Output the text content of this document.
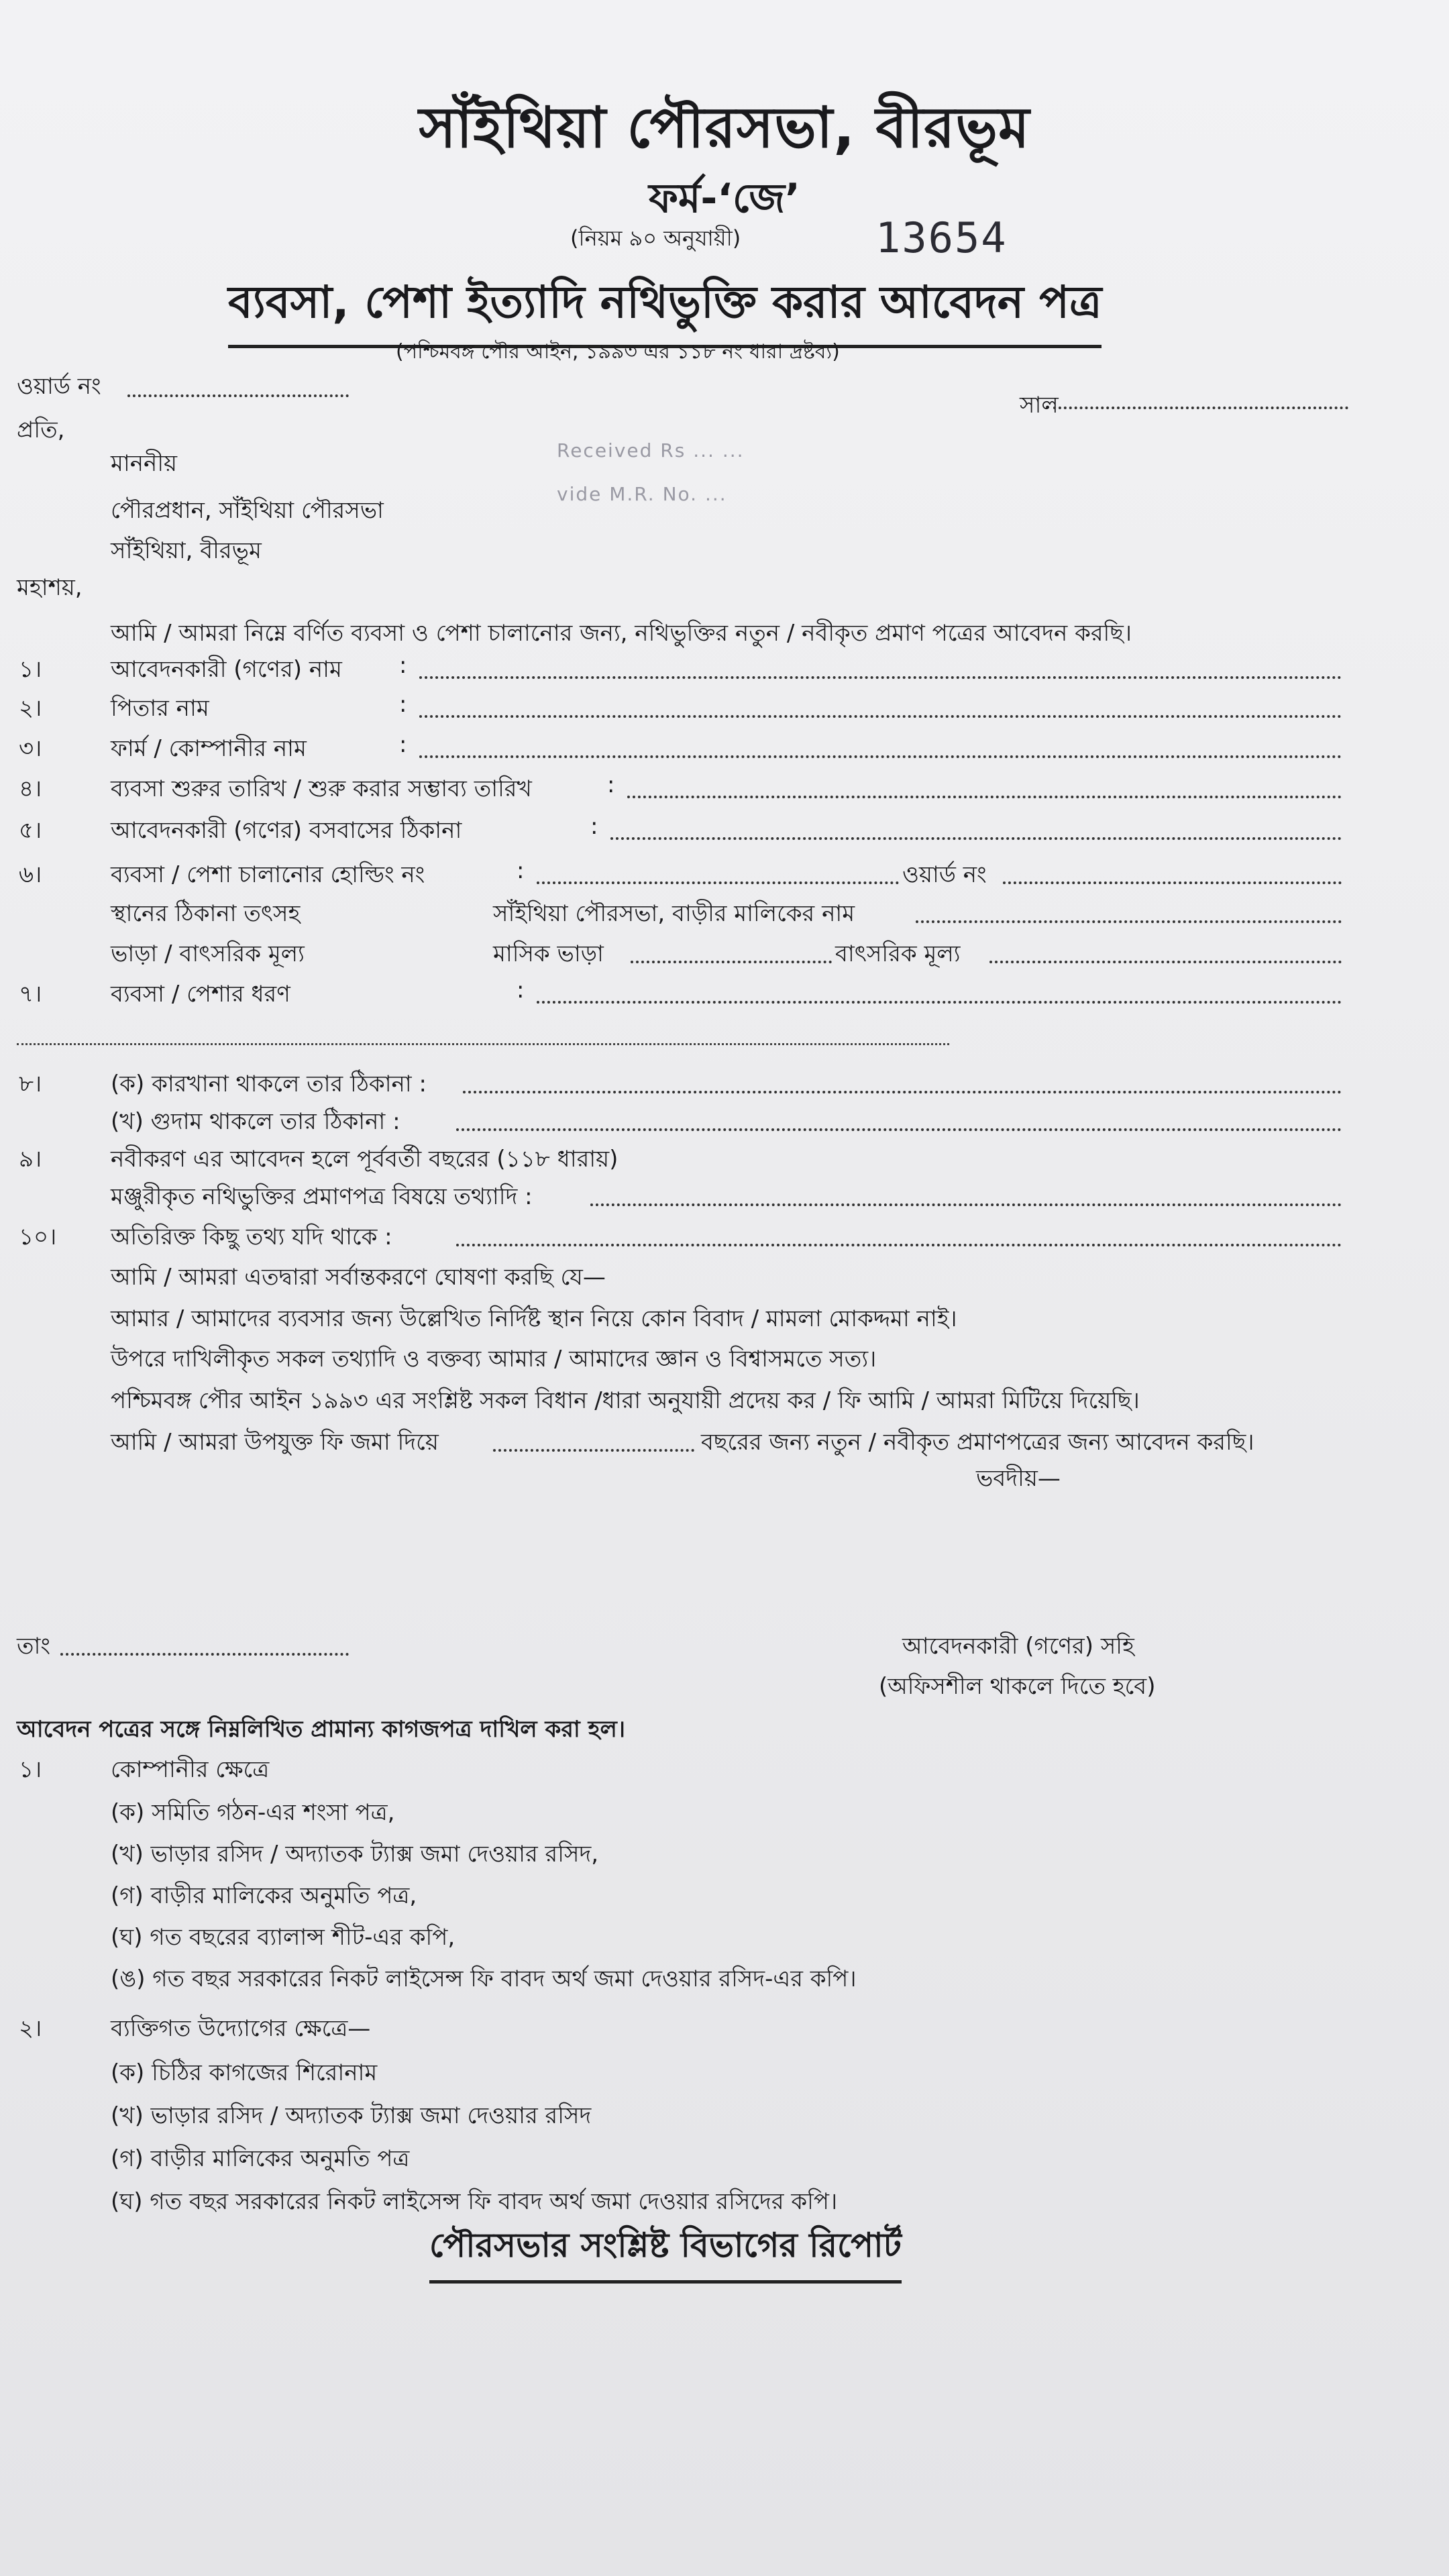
সাঁইথিয়া পৌরসভা, বীরভূম
ফর্ম-‘জে’
(নিয়ম ৯০ অনুযায়ী)	13654
ব্যবসা, পেশা ইত্যাদি নথিভুক্তি করার আবেদন পত্র
(পশ্চিমবঙ্গ পৌর আইন, ১৯৯৩ এর ১১৮ নং ধারা দ্রষ্টব্য)
ওয়ার্ড নং
সাল
প্রতি,
মাননীয়
পৌরপ্রধান, সাঁইথিয়া পৌরসভা
সাঁইথিয়া, বীরভূম
Received Rs ... ...
vide M.R. No. ...
মহাশয়,
আমি / আমরা নিম্নে বর্ণিত ব্যবসা ও পেশা চালানোর জন্য, নথিভুক্তির নতুন / নবীকৃত প্রমাণ পত্রের আবেদন করছি।
১।	আবেদনকারী (গণের) নাম	:
২।	পিতার নাম	:
৩।	ফার্ম / কোম্পানীর নাম	:
৪।	ব্যবসা শুরুর তারিখ / শুরু করার সম্ভাব্য তারিখ	:
৫।	আবেদনকারী (গণের) বসবাসের ঠিকানা	:
৬।	ব্যবসা / পেশা চালানোর হোল্ডিং নং	:	ওয়ার্ড নং
স্থানের ঠিকানা তৎসহ	সাঁইথিয়া পৌরসভা, বাড়ীর মালিকের নাম
ভাড়া / বাৎসরিক মূল্য	মাসিক ভাড়া	বাৎসরিক মূল্য
৭।	ব্যবসা / পেশার ধরণ	:
৮।	(ক) কারখানা থাকলে তার ঠিকানা :
(খ) গুদাম থাকলে তার ঠিকানা :
৯।	নবীকরণ এর আবেদন হলে পূর্ববর্তী বছরের (১১৮ ধারায়)
মঞ্জুরীকৃত নথিভুক্তির প্রমাণপত্র বিষয়ে তথ্যাদি :
১০। অতিরিক্ত কিছু তথ্য যদি থাকে :
আমি / আমরা এতদ্বারা সর্বান্তকরণে ঘোষণা করছি যে—
আমার / আমাদের ব্যবসার জন্য উল্লেখিত নির্দিষ্ট স্থান নিয়ে কোন বিবাদ / মামলা মোকদ্দমা নাই।
উপরে দাখিলীকৃত সকল তথ্যাদি ও বক্তব্য আমার / আমাদের জ্ঞান ও বিশ্বাসমতে সত্য।
পশ্চিমবঙ্গ পৌর আইন ১৯৯৩ এর সংশ্লিষ্ট সকল বিধান /ধারা অনুযায়ী প্রদেয় কর / ফি আমি / আমরা মিটিয়ে দিয়েছি।
আমি / আমরা উপযুক্ত ফি জমা দিয়ে	বছরের জন্য নতুন / নবীকৃত প্রমাণপত্রের জন্য আবেদন করছি।
ভবদীয়—
তাং	আবেদনকারী (গণের) সহি
(অফিসশীল থাকলে দিতে হবে)
আবেদন পত্রের সঙ্গে নিম্নলিখিত প্রামান্য কাগজপত্র দাখিল করা হল।
১।	কোম্পানীর ক্ষেত্রে
(ক) সমিতি গঠন-এর শংসা পত্র,
(খ) ভাড়ার রসিদ / অদ্যাতক ট্যাক্স জমা দেওয়ার রসিদ,
(গ) বাড়ীর মালিকের অনুমতি পত্র,
(ঘ) গত বছরের ব্যালান্স শীট-এর কপি,
(ঙ) গত বছর সরকারের নিকট লাইসেন্স ফি বাবদ অর্থ জমা দেওয়ার রসিদ-এর কপি।
২।	ব্যক্তিগত উদ্যোগের ক্ষেত্রে—
(ক) চিঠির কাগজের শিরোনাম
(খ) ভাড়ার রসিদ / অদ্যাতক ট্যাক্স জমা দেওয়ার রসিদ
(গ) বাড়ীর মালিকের অনুমতি পত্র
(ঘ) গত বছর সরকারের নিকট লাইসেন্স ফি বাবদ অর্থ জমা দেওয়ার রসিদের কপি।
পৌরসভার সংশ্লিষ্ট বিভাগের রিপোর্ট
